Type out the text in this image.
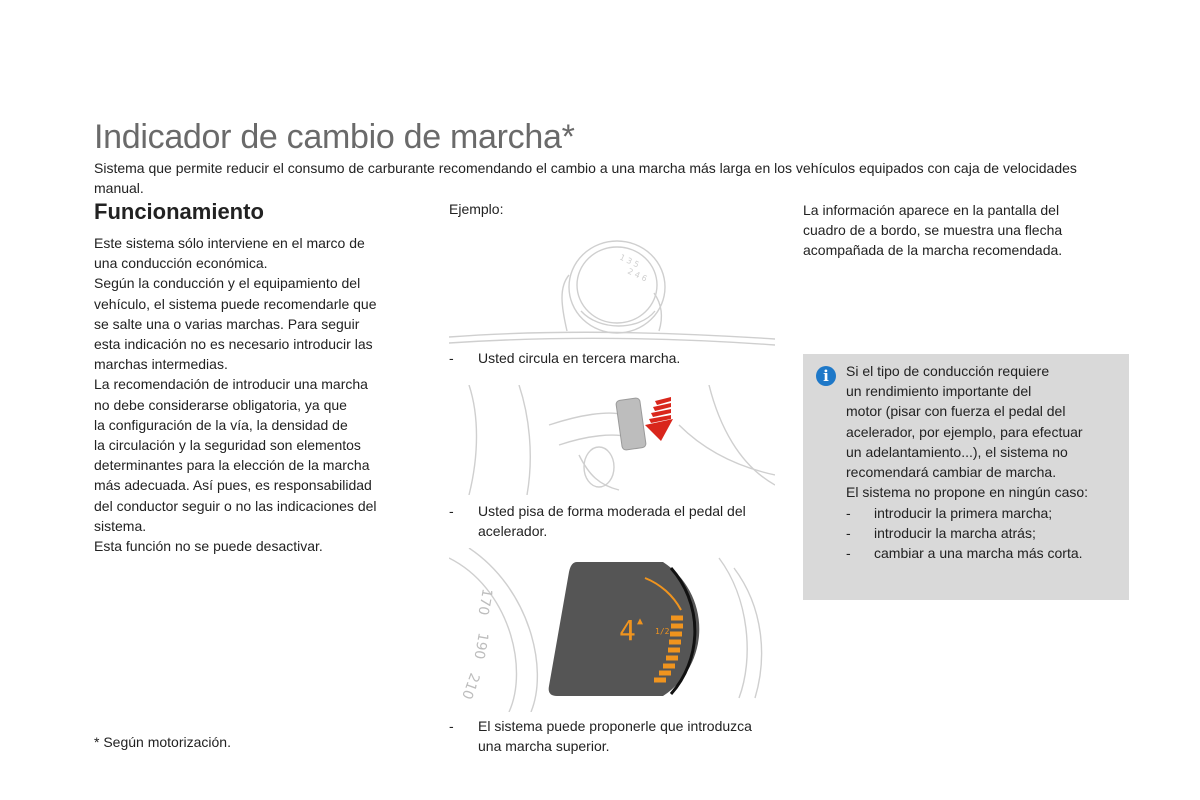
Indicador de cambio de marcha*
Sistema que permite reducir el consumo de carburante recomendando el cambio a una marcha más larga en los vehículos equipados con caja de velocidades manual.
Funcionamiento
Este sistema sólo interviene en el marco de
una conducción económica.
Según la conducción y el equipamiento del
vehículo, el sistema puede recomendarle que
se salte una o varias marchas. Para seguir
esta indicación no es necesario introducir las
marchas intermedias.
La recomendación de introducir una marcha
no debe considerarse obligatoria, ya que
la configuración de la vía, la densidad de
la circulación y la seguridad son elementos
determinantes para la elección de la marcha
más adecuada. Así pues, es responsabilidad
del conductor seguir o no las indicaciones del
sistema.
Esta función no se puede desactivar.
* Según motorización.
Ejemplo:
1 3 5
2 4 6
-	Usted circula en tercera marcha.
-	Usted pisa de forma moderada el pedal del acelerador.
170
190
210
4 ▲
1/2
-	El sistema puede proponerle que introduzca una marcha superior.
La información aparece en la pantalla del cuadro de a bordo, se muestra una flecha acompañada de la marcha recomendada.
i	Si el tipo de conducción requiere
un rendimiento importante del
motor (pisar con fuerza el pedal del
acelerador, por ejemplo, para efectuar
un adelantamiento...), el sistema no
recomendará cambiar de marcha.
El sistema no propone en ningún caso:
- introducir la primera marcha;
- introducir la marcha atrás;
- cambiar a una marcha más corta.
